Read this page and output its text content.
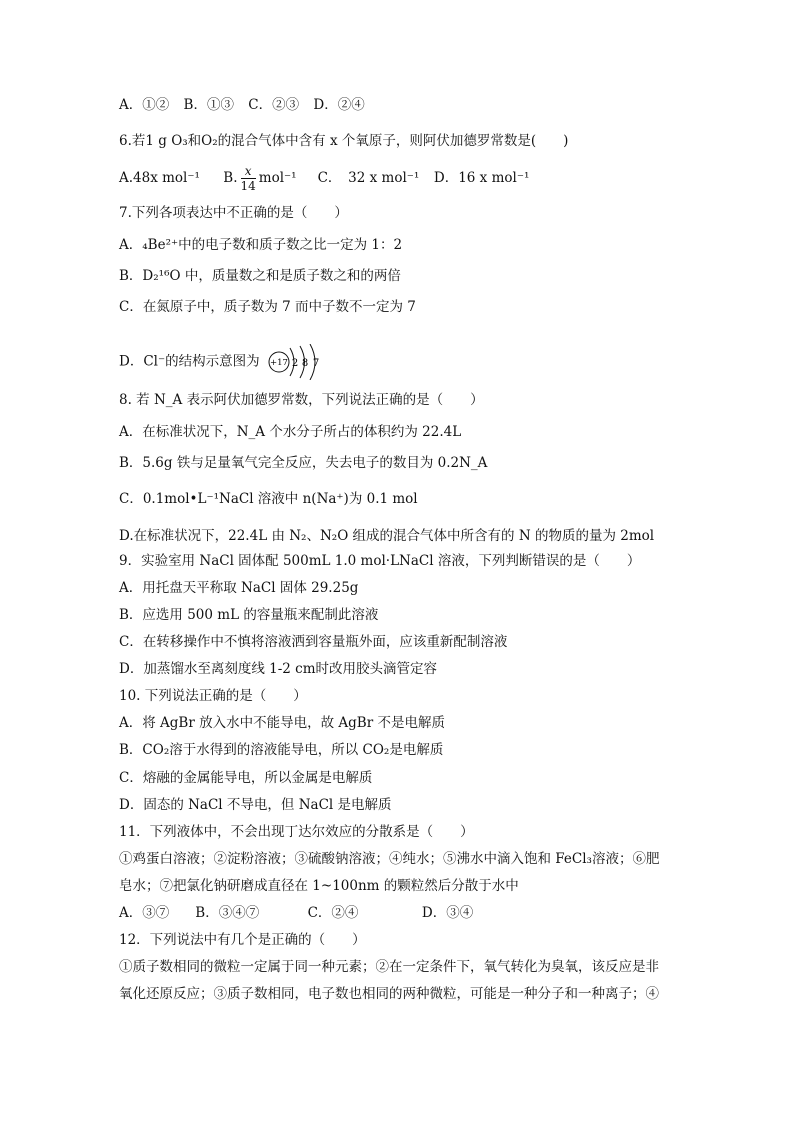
A．①② B．①③ C．②③ D．②④
6.若1 g O₃和O₂的混合气体中含有 x 个氧原子，则阿伏加德罗常数是(　　)
A.48x mol⁻¹ B. $\frac{x}{14} mol^{-1}$ C．　32 x mol⁻¹ D．16 x mol⁻¹
7.下列各项表达中不正确的是（　　）
A．₄Be²⁺中的电子数和质子数之比一定为 1：2
B．D₂¹⁶O 中，质量数之和是质子数之和的两倍
C．在氮原子中，质子数为 7 而中子数不一定为 7
D．Cl⁻的结构示意图为 +17 2 8 7
8. 若 N_A 表示阿伏加德罗常数，下列说法正确的是（　　）
A．在标准状况下，N_A 个水分子所占的体积约为 22.4L
B．5.6g 铁与足量氧气完全反应，失去电子的数目为 0.2N_A
C．0.1mol•L⁻¹NaCl 溶液中 n(Na⁺)为 0.1 mol
D.在标准状况下，22.4L 由 N₂、N₂O 组成的混合气体中所含有的 N 的物质的量为 2mol
9．实验室用 NaCl 固体配 500mL 1.0 mol·LNaCl 溶液，下列判断错误的是（　　）
A．用托盘天平称取 NaCl 固体 29.25g
B．应选用 500 mL 的容量瓶来配制此溶液
C．在转移操作中不慎将溶液洒到容量瓶外面，应该重新配制溶液
D．加蒸馏水至离刻度线 1-2 cm时改用胶头滴管定容
10. 下列说法正确的是（　　）
A．将 AgBr 放入水中不能导电，故 AgBr 不是电解质
B．CO₂溶于水得到的溶液能导电，所以 CO₂是电解质
C．熔融的金属能导电，所以金属是电解质
D．固态的 NaCl 不导电，但 NaCl 是电解质
11．下列液体中，不会出现丁达尔效应的分散系是（　　）
①鸡蛋白溶液；②淀粉溶液；③硫酸钠溶液；④纯水；⑤沸水中滴入饱和 FeCl₃溶液；⑥肥
皂水；⑦把氯化钠研磨成直径在 1~100nm 的颗粒然后分散于水中
A．③⑦ B．③④⑦	C．②④	D．③④
12．下列说法中有几个是正确的（　　）
①质子数相同的微粒一定属于同一种元素；②在一定条件下，氧气转化为臭氧，该反应是非
氧化还原反应；③质子数相同，电子数也相同的两种微粒，可能是一种分子和一种离子；④
